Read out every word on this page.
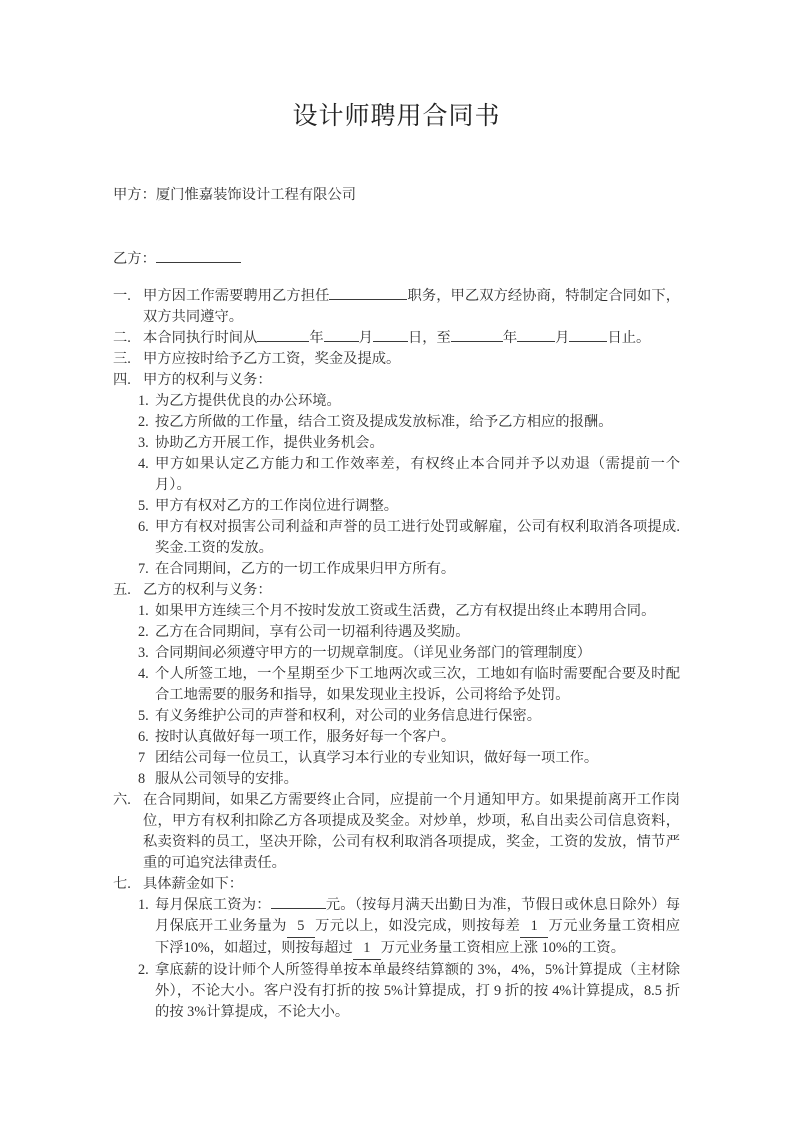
设计师聘用合同书
甲方：厦门惟嘉装饰设计工程有限公司
乙方：
一. 甲方因工作需要聘用乙方担任	职务，甲乙双方经协商，特制定合同如下，双方共同遵守。
二. 本合同执行时间从	年 月 日，至	年	月	日止。
三. 甲方应按时给予乙方工资，奖金及提成。
四. 甲方的权利与义务：
1. 为乙方提供优良的办公环境。
2. 按乙方所做的工作量，结合工资及提成发放标准，给予乙方相应的报酬。
3. 协助乙方开展工作，提供业务机会。
4. 甲方如果认定乙方能力和工作效率差，有权终止本合同并予以劝退（需提前一个月）。
5. 甲方有权对乙方的工作岗位进行调整。
6. 甲方有权对损害公司利益和声誉的员工进行处罚或解雇，公司有权利取消各项提成.奖金.工资的发放。
7. 在合同期间，乙方的一切工作成果归甲方所有。
五. 乙方的权利与义务：
1. 如果甲方连续三个月不按时发放工资或生活费，乙方有权提出终止本聘用合同。
2. 乙方在合同期间，享有公司一切福利待遇及奖励。
3. 合同期间必须遵守甲方的一切规章制度。（详见业务部门的管理制度）
4. 个人所签工地，一个星期至少下工地两次或三次，工地如有临时需要配合要及时配合工地需要的服务和指导，如果发现业主投诉，公司将给予处罚。
5. 有义务维护公司的声誉和权利，对公司的业务信息进行保密。
6. 按时认真做好每一项工作，服务好每一个客户。
7 团结公司每一位员工，认真学习本行业的专业知识，做好每一项工作。
8 服从公司领导的安排。
六. 在合同期间，如果乙方需要终止合同，应提前一个月通知甲方。如果提前离开工作岗位，甲方有权利扣除乙方各项提成及奖金。对炒单，炒项，私自出卖公司信息资料，私卖资料的员工，坚决开除，公司有权利取消各项提成，奖金，工资的发放，情节严重的可追究法律责任。
七. 具体薪金如下：
1. 每月保底工资为：	元。（按每月满天出勤日为准，节假日或休息日除外）每月保底开工业务量为 5 万元以上，如没完成，则按每差 1 万元业务量工资相应下浮10%，如超过，则按每超过 1 万元业务量工资相应上涨 10%的工资。
2. 拿底薪的设计师个人所签得单按本单最终结算额的 3%，4%，5%计算提成（主材除外），不论大小。客户没有打折的按 5%计算提成，打 9 折的按 4%计算提成，8.5 折的按 3%计算提成，不论大小。
